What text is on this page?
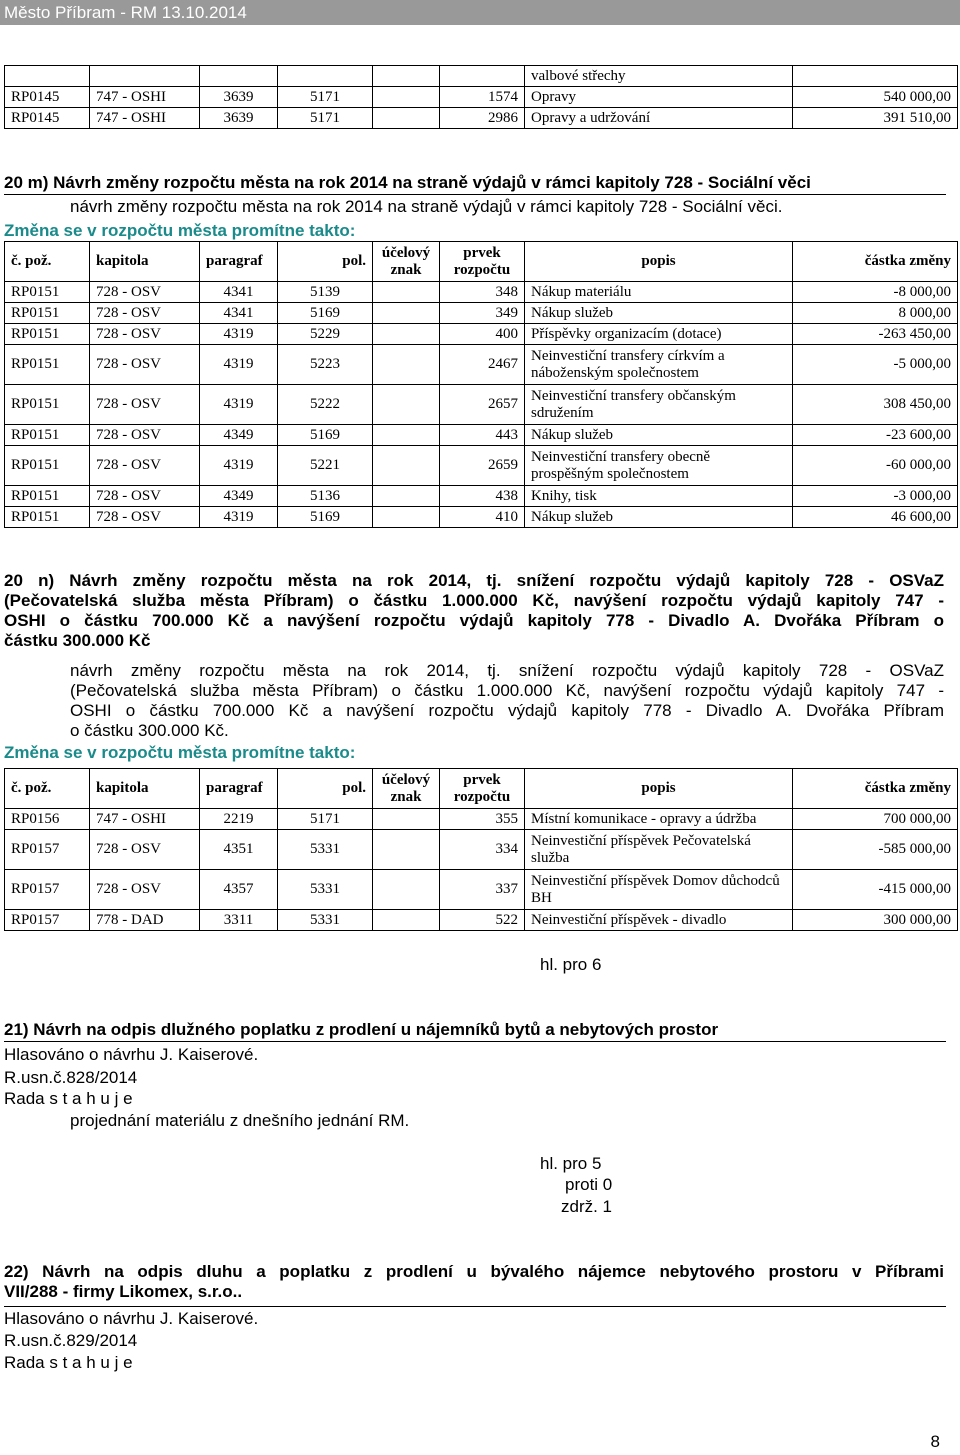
Město Příbram - RM 13.10.2014
						valbové střechy	
RP0145	747 - OSHI	3639	5171		1574	Opravy	540 000,00
RP0145	747 - OSHI	3639	5171		2986	Opravy a udržování	391 510,00
20 m) Návrh změny rozpočtu města na rok 2014 na straně výdajů v rámci kapitoly 728 - Sociální věci
návrh změny rozpočtu města na rok 2014 na straně výdajů v rámci kapitoly 728 - Sociální věci.
Změna se v rozpočtu města promítne takto:
č. pož.	kapitola	paragraf	pol.	účelový znak	prvek rozpočtu	popis	částka změny
RP0151	728 - OSV	4341	5139		348	Nákup materiálu	-8 000,00
RP0151	728 - OSV	4341	5169		349	Nákup služeb	8 000,00
RP0151	728 - OSV	4319	5229		400	Příspěvky organizacím (dotace)	-263 450,00
RP0151	728 - OSV	4319	5223		2467	Neinvestiční transfery církvím a náboženským společnostem	-5 000,00
RP0151	728 - OSV	4319	5222		2657	Neinvestiční transfery občanským sdružením	308 450,00
RP0151	728 - OSV	4349	5169		443	Nákup služeb	-23 600,00
RP0151	728 - OSV	4319	5221		2659	Neinvestiční transfery obecně prospěšným společnostem	-60 000,00
RP0151	728 - OSV	4349	5136		438	Knihy, tisk	-3 000,00
RP0151	728 - OSV	4319	5169		410	Nákup služeb	46 600,00
20 n) Návrh změny rozpočtu města na rok 2014, tj. snížení rozpočtu výdajů kapitoly 728 - OSVaZ
(Pečovatelská služba města Příbram) o částku 1.000.000 Kč, navýšení rozpočtu výdajů kapitoly 747 -
OSHI o částku 700.000 Kč a navýšení rozpočtu výdajů kapitoly 778 - Divadlo A. Dvořáka Příbram o
částku 300.000 Kč
návrh změny rozpočtu města na rok 2014, tj. snížení rozpočtu výdajů kapitoly 728 - OSVaZ
(Pečovatelská služba města Příbram) o částku 1.000.000 Kč, navýšení rozpočtu výdajů kapitoly 747 -
OSHI o částku 700.000 Kč a navýšení rozpočtu výdajů kapitoly 778 - Divadlo A. Dvořáka Příbram
o částku 300.000 Kč.
Změna se v rozpočtu města promítne takto:
č. pož.	kapitola	paragraf	pol.	účelový znak	prvek rozpočtu	popis	částka změny
RP0156	747 - OSHI	2219	5171		355	Místní komunikace - opravy a údržba	700 000,00
RP0157	728 - OSV	4351	5331		334	Neinvestiční příspěvek Pečovatelská služba	-585 000,00
RP0157	728 - OSV	4357	5331		337	Neinvestiční příspěvek Domov důchodců BH	-415 000,00
RP0157	778 - DAD	3311	5331		522	Neinvestiční příspěvek - divadlo	300 000,00
hl. pro 6
21) Návrh na odpis dlužného poplatku z prodlení u nájemníků bytů a nebytových prostor
Hlasováno o návrhu J. Kaiserové.
R.usn.č.828/2014
Rada s t a h u j e
projednání materiálu z dnešního jednání RM.
hl. pro 5
proti 0
zdrž. 1
22) Návrh na odpis dluhu a poplatku z prodlení u bývalého nájemce nebytového prostoru v Příbrami
VII/288 - firmy Likomex, s.r.o..
Hlasováno o návrhu J. Kaiserové.
R.usn.č.829/2014
Rada s t a h u j e
8
